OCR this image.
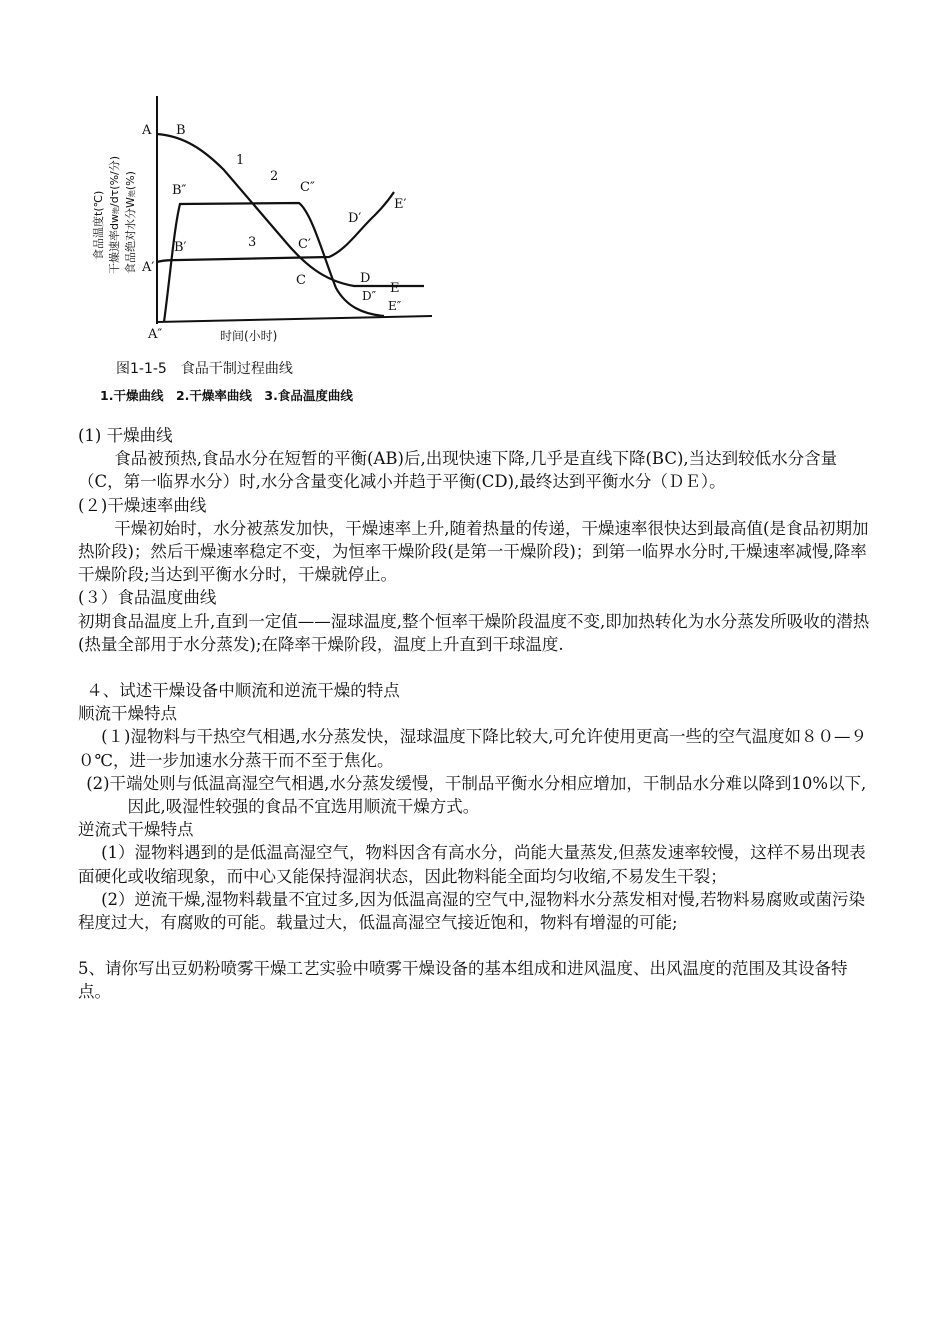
A B
B″	C″
D′
E′
B′	C′
A′
C	D
E
D″
E″
A″
1
2
3
食品温度t(℃)
干燥速率dw绝/dτ(%/分)
食品绝对水分W绝(%)
时间(小时)
图1-1-5　食品干制过程曲线
1.干燥曲线　2.干燥率曲线　3.食品温度曲线

(1) 干燥曲线

食品被预热,食品水分在短暂的平衡(AB)后,出现快速下降,几乎是直线下降(BC),当达到较低水分含量（C，第一临界水分）时,水分含量变化减小并趋于平衡(CD),最终达到平衡水分（ＤＥ）。

(２)干燥速率曲线

干燥初始时，水分被蒸发加快，干燥速率上升,随着热量的传递，干燥速率很快达到最高值(是食品初期加热阶段)；然后干燥速率稳定不变，为恒率干燥阶段(是第一干燥阶段)；到第一临界水分时,干燥速率减慢,降率干燥阶段;当达到平衡水分时，干燥就停止。

(３）食品温度曲线

初期食品温度上升,直到一定值——湿球温度,整个恒率干燥阶段温度不变,即加热转化为水分蒸发所吸收的潜热(热量全部用于水分蒸发);在降率干燥阶段，温度上升直到干球温度.

４、试述干燥设备中顺流和逆流干燥的特点

顺流干燥特点

(１)湿物料与干热空气相遇,水分蒸发快，湿球温度下降比较大,可允许使用更高一些的空气温度如８０—９０℃，进一步加速水分蒸干而不至于焦化。

(2)干端处则与低温高湿空气相遇,水分蒸发缓慢，干制品平衡水分相应增加，干制品水分难以降到10%以下,

因此,吸湿性较强的食品不宜选用顺流干燥方式。

逆流式干燥特点

(1）湿物料遇到的是低温高湿空气，物料因含有高水分，尚能大量蒸发,但蒸发速率较慢，这样不易出现表面硬化或收缩现象，而中心又能保持湿润状态，因此物料能全面均匀收缩,不易发生干裂；

(2）逆流干燥,湿物料载量不宜过多,因为低温高湿的空气中,湿物料水分蒸发相对慢,若物料易腐败或菌污染程度过大，有腐败的可能。载量过大，低温高湿空气接近饱和，物料有增湿的可能;

5、请你写出豆奶粉喷雾干燥工艺实验中喷雾干燥设备的基本组成和进风温度、出风温度的范围及其设备特点。
